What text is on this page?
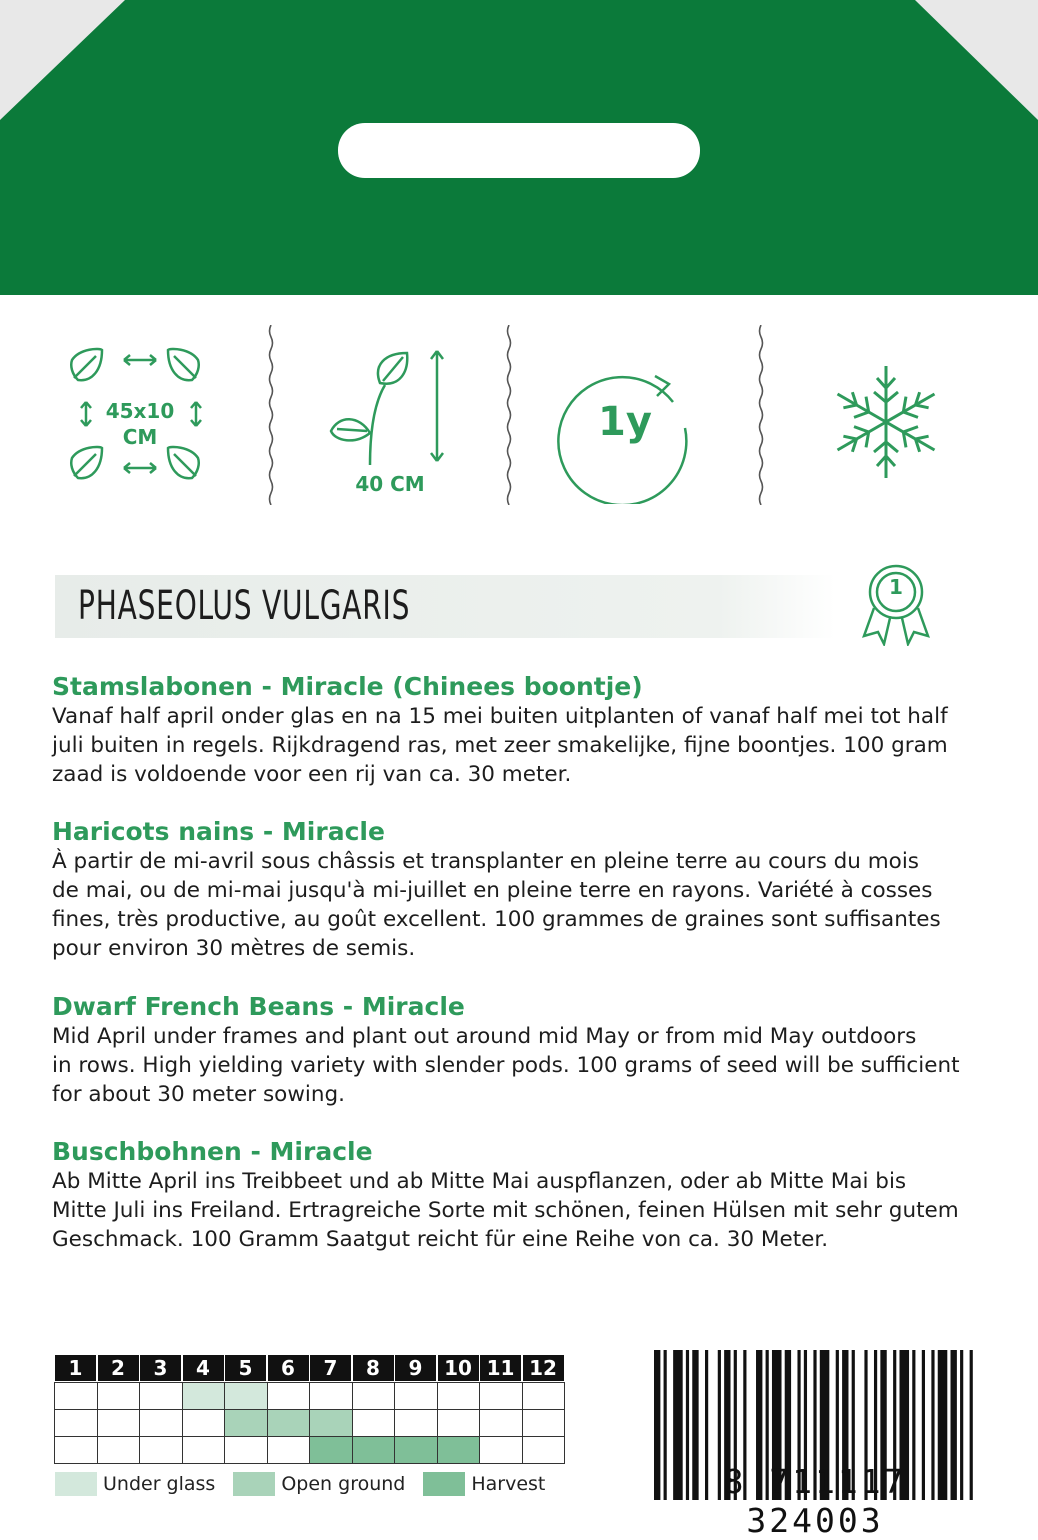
45x10
CM
40 CM
1y
PHASEOLUS VULGARIS	1
Stamslabonen - Miracle (Chinees boontje)
Vanaf half april onder glas en na 15 mei buiten uitplanten of vanaf half mei tot half
juli buiten in regels. Rijkdragend ras, met zeer smakelijke, fijne boontjes. 100 gram
zaad is voldoende voor een rij van ca. 30 meter.
Haricots nains - Miracle
À partir de mi-avril sous châssis et transplanter en pleine terre au cours du mois
de mai, ou de mi-mai jusqu'à mi-juillet en pleine terre en rayons. Variété à cosses
fines, très productive, au goût excellent. 100 grammes de graines sont suffisantes
pour environ 30 mètres de semis.
Dwarf French Beans - Miracle
Mid April under frames and plant out around mid May or from mid May outdoors
in rows. High yielding variety with slender pods. 100 grams of seed will be sufficient
for about 30 meter sowing.
Buschbohnen - Miracle
Ab Mitte April ins Treibbeet und ab Mitte Mai auspflanzen, oder ab Mitte Mai bis
Mitte Juli ins Freiland. Ertragreiche Sorte mit schönen, feinen Hülsen mit sehr gutem
Geschmack. 100 Gramm Saatgut reicht für eine Reihe von ca. 30 Meter.
1	2	3	4	5	6	7	8	9	10 11 12
Under glass	Open ground	Harvest	8 711117 324003
